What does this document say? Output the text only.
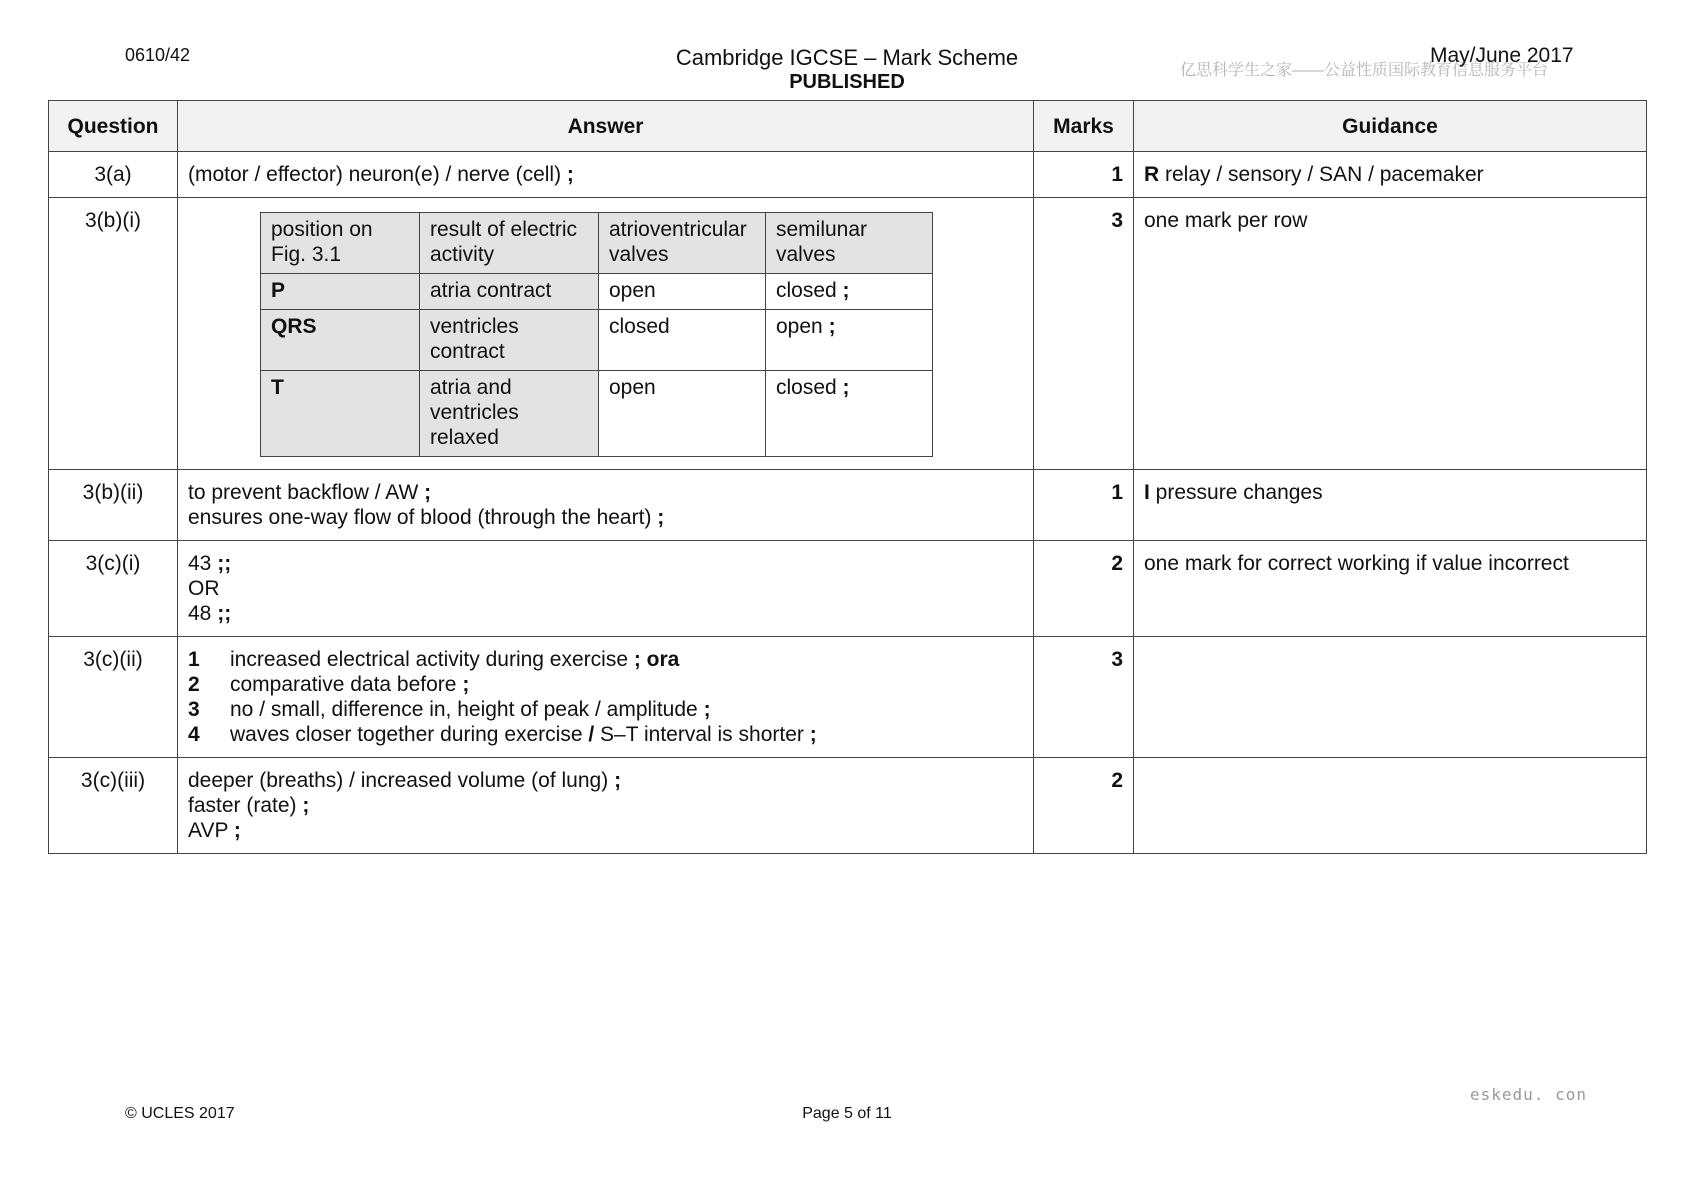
0610/42	Cambridge IGCSE – Mark Scheme
PUBLISHED
亿思科学生之家——公益性质国际教育信息服务平台
May/June 2017
Question	Answer	Marks	Guidance
3(a)	(motor / effector) neuron(e) / nerve (cell) ;	1	R relay / sensory / SAN / pacemaker
3(b)(i)		position on Fig. 3.1	result of electric activity	atrioventricular valves	semilunar valves
P	atria contract	open	closed ;
QRS	ventricles contract	closed	open ;
T	atria and ventricles relaxed	open	closed ;
	3	one mark per row
3(b)(ii)	to prevent backflow / AW ;
ensures one-way flow of blood (through the heart) ;
	1	I pressure changes
3(c)(i)	43 ;;
OR
48 ;;
	2	one mark for correct working if value incorrect
3(c)(ii)	1 increased electrical activity during exercise ; ora
2 comparative data before ;
3 no / small, difference in, height of peak / amplitude ;
4 waves closer together during exercise / S–T interval is shorter ;
	3	
3(c)(iii)	deeper (breaths) / increased volume (of lung) ;
faster (rate) ;
AVP ;
	2	
eskedu. con
© UCLES 2017	Page 5 of 11
